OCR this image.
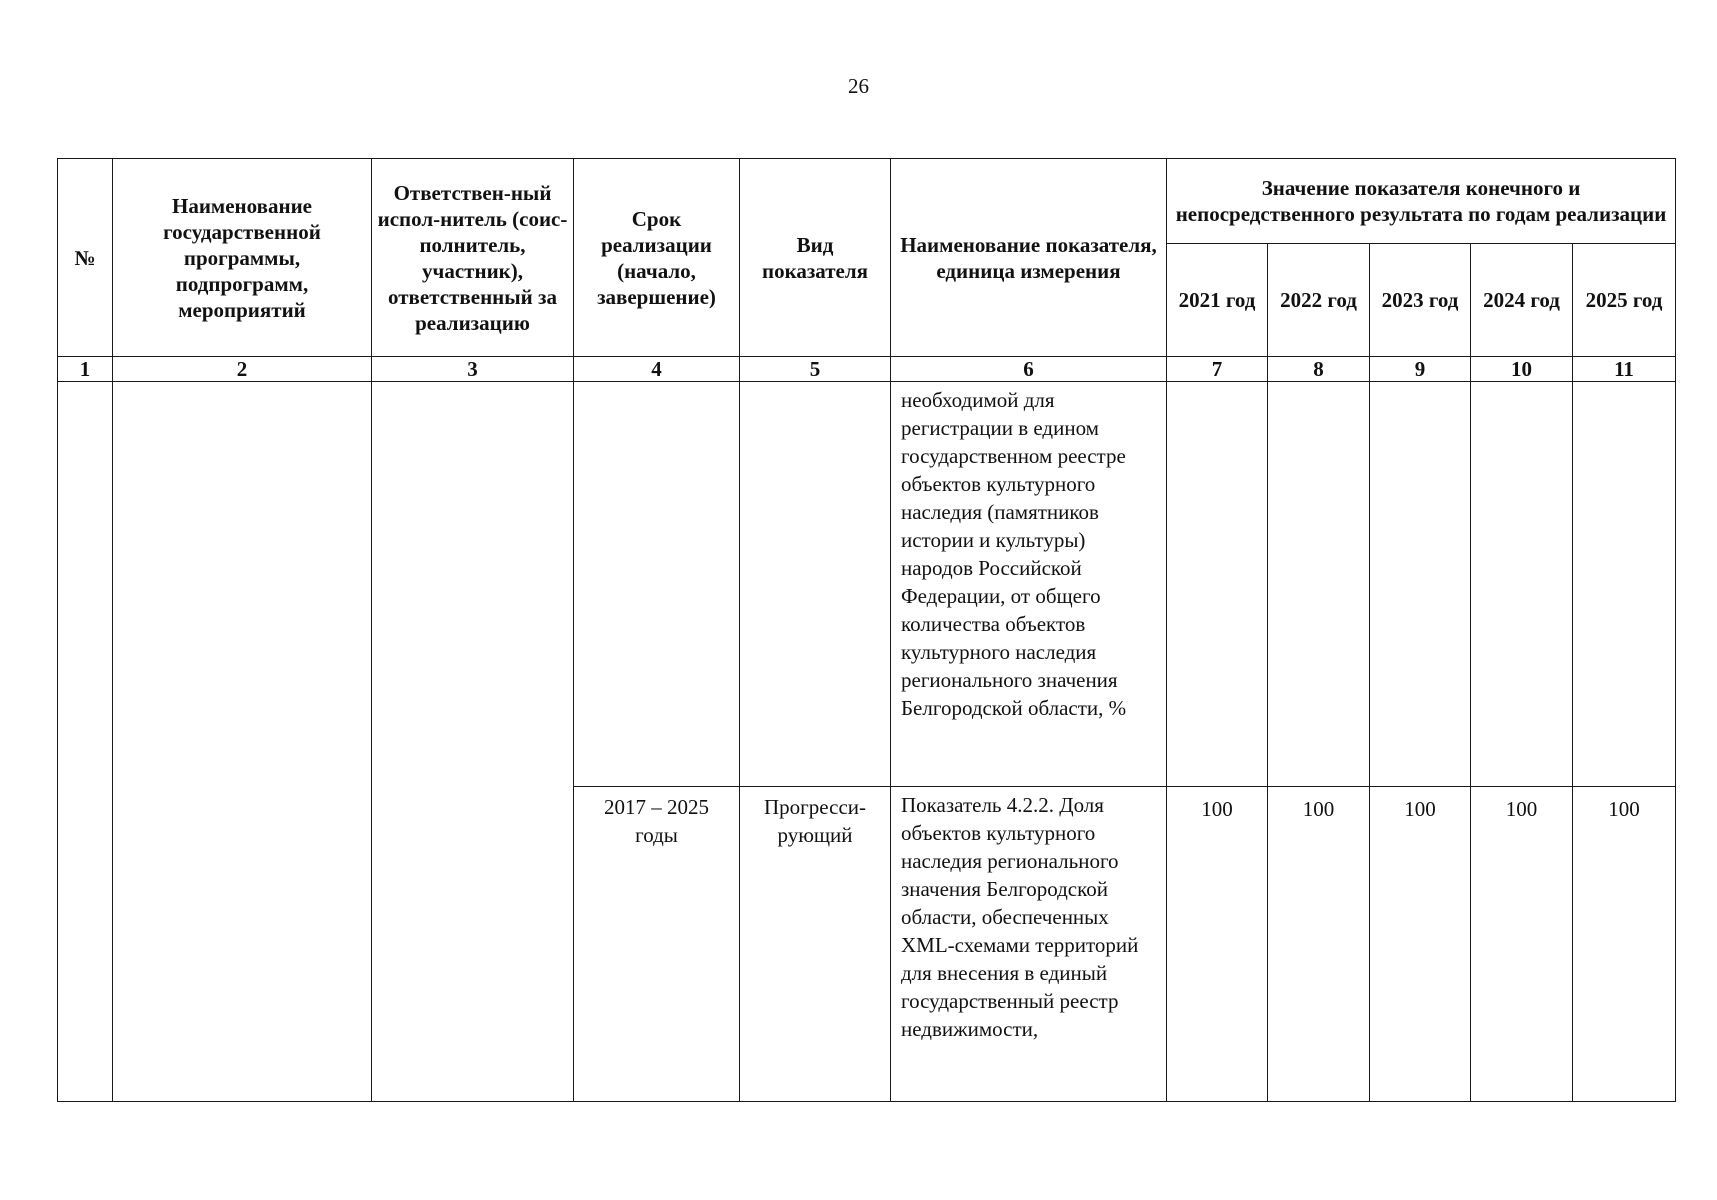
26
№	Наименование государственной программы, подпрограмм, мероприятий	Ответствен-ный испол-нитель (соис-полнитель, участник), ответственный за реализацию	Срок реализации (начало, завершение)	Вид показателя	Наименование показателя, единица измерения	Значение показателя конечного и непосредственного результата по годам реализации				

						2021 год	2022 год	2023 год	2024 год	2025 год

1	2	3	4	5	6	7	8	9	10	11

					необходимой для регистрации в едином государственном реестре объектов культурного наследия (памятников истории и культуры) народов Российской Федерации, от общего количества объектов культурного наследия регионального значения Белгородской области, %					

			2017 – 2025 годы	Прогресси-рующий	Показатель 4.2.2. Доля объектов культурного наследия регионального значения Белгородской области, обеспеченных XML-схемами территорий для внесения в единый государственный реестр недвижимости,	100	100	100	100	100
